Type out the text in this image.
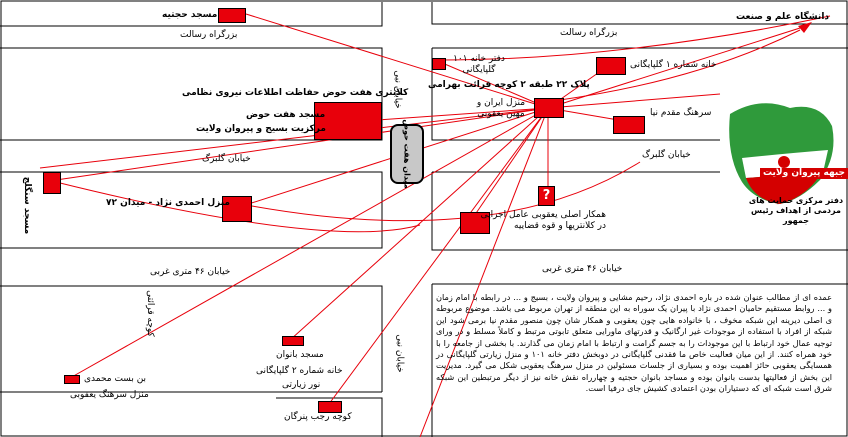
?
میدان هفت حوض
بزرگراه رسالت	بزرگراه رسالت
خیابان گلبرگ	خیابان گلبرگ
خیابان ۴۶ متری غربی	خیابان ۴۶ متری غربی
خیابان نبی
خیابان نبی
کوچه قرائتی
کوچه رجب پنرگان
مسجد حجتیه	دانشگاه علم و صنعت
دفتر خانه ۱۰۱ گلپایگانی
پلاک ۲۲ طبقه ۲ کوچه قرائت بهرامی
خانه شماره ۱ گلپایگانی
کلانتری هفت حوض حفاظت اطلاعات نیروی نظامی
مسجد هفت حوض
مرکزیت بسیج و پیروان ولایت
منزل ایران و مهین یعقوبی	سرهنگ مقدم نیا
مسجد سنگلج	منزل احمدی نژاد - میدان ۷۲
همکار اصلی یعقوبی عامل اجرایی در کلانتریها و قوه قضاییه
مسجد بانوان
خانه شماره ۲ گلپایگانی
نور زیارتی
بن بست محمدی
منزل سرهنگ یعقوبی
جبهه پیروان ولایت
دفتر مرکزی حمایت های مردمی از اهداف رئیس جمهور
عمده ای از مطالب عنوان شده در باره احمدی نژاد، رحیم مشایی و پیروان ولایت ، بسیج و ... در رابطه با امام زمان و ... روابط مستقیم حامیان احمدی نژاد با پیران یک سوراه به این منطقه از تهران مربوط می باشد. موضوع مربوطه ی اصلی دیرینه این شبکه مخوف ، با خانواده هایی چون یعقوبی و همکار شان چون منصور مقدم نیا برمی شود این شبکه از افراد با استفاده از موجودات غیر ارگانیک و قدرتهای ماورایی متعلق تابوتی مرتبط و کاملاً مسلط و در ورای توجیه عمال خود ارتباط با این موجودات را به جسم گرامت و ارتباط با امام زمان می گذارند. با بخشی از جامعه را با خود همراه کنند. از این میان فعالیت خاص ما فقدنی گلپایگانی در دوبخش دفتر خانه ۱۰۱ و منزل زیارتی گلپایگانی در همسایگی یعقوبی حائز اهمیت بوده و بسیاری از جلسات مسئولین در منزل سرهنگ یعقوبی شکل می گیرد. مدیریت این بخش از فعالیتها بدست بانوان بوده و مساجد بانوان حجتیه و چهارراه نقش خانه نیز از دیگر مرتبطین این شبکه شرق است شبکه ای که دستیاران بودن اعتمادی کشیش جای درفیا است.
